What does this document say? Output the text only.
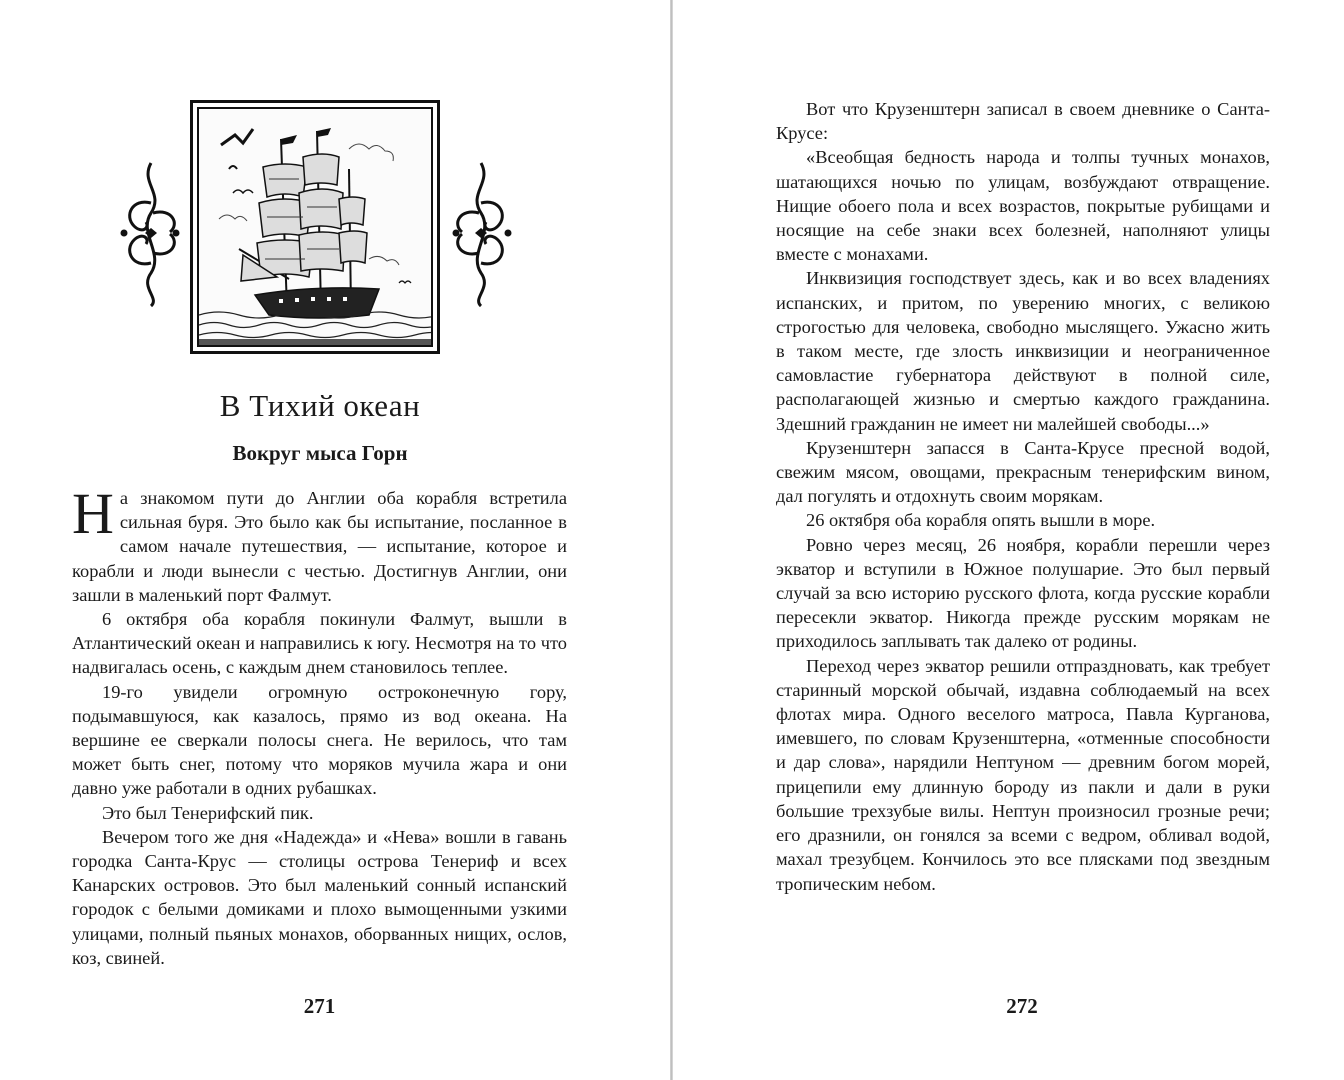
В Тихий океан
Вокруг мыса Горн

На знакомом пути до Англии оба корабля встретила сильная буря. Это было как бы испытание, посланное в самом начале путешествия, — испытание, которое и корабли и люди вынесли с честью. Достигнув Англии, они зашли в маленький порт Фалмут.

6 октября оба корабля покинули Фалмут, вышли в Атлантический океан и направились к югу. Несмотря на то что надвигалась осень, с каждым днем становилось теплее.

19-го увидели огромную остроконечную гору, подымавшуюся, как казалось, прямо из вод океана. На вершине ее сверкали полосы снега. Не верилось, что там может быть снег, потому что моряков мучила жара и они давно уже работали в одних рубашках.

Это был Тенерифский пик.

Вечером того же дня «Надежда» и «Нева» вошли в гавань городка Санта-Крус — столицы острова Тенериф и всех Канарских островов. Это был маленький сонный испанский городок с белыми домиками и плохо вымощенными узкими улицами, полный пьяных монахов, оборванных нищих, ослов, коз, свиней.

271

Вот что Крузенштерн записал в своем дневнике о Санта-Крусе:

«Всеобщая бедность народа и толпы тучных монахов, шатающихся ночью по улицам, возбуждают отвращение. Нищие обоего пола и всех возрастов, покрытые рубищами и носящие на себе знаки всех болезней, наполняют улицы вместе с монахами.

Инквизиция господствует здесь, как и во всех владениях испанских, и притом, по уверению многих, с великою строгостью для человека, свободно мыслящего. Ужасно жить в таком месте, где злость инквизиции и неограниченное самовластие губернатора действуют в полной силе, располагающей жизнью и смертью каждого гражданина. Здешний гражданин не имеет ни малейшей свободы...»

Крузенштерн запасся в Санта-Крусе пресной водой, свежим мясом, овощами, прекрасным тенерифским вином, дал погулять и отдохнуть своим морякам.

26 октября оба корабля опять вышли в море.

Ровно через месяц, 26 ноября, корабли перешли через экватор и вступили в Южное полушарие. Это был первый случай за всю историю русского флота, когда русские корабли пересекли экватор. Никогда прежде русским морякам не приходилось заплывать так далеко от родины.

Переход через экватор решили отпраздновать, как требует старинный морской обычай, издавна соблюдаемый на всех флотах мира. Одного веселого матроса, Павла Курганова, имевшего, по словам Крузенштерна, «отменные способности и дар слова», нарядили Нептуном — древним богом морей, прицепили ему длинную бороду из пакли и дали в руки большие трехзубые вилы. Нептун произносил грозные речи; его дразнили, он гонялся за всеми с ведром, обливал водой, махал трезубцем. Кончилось это все плясками под звездным тропическим небом.

272
